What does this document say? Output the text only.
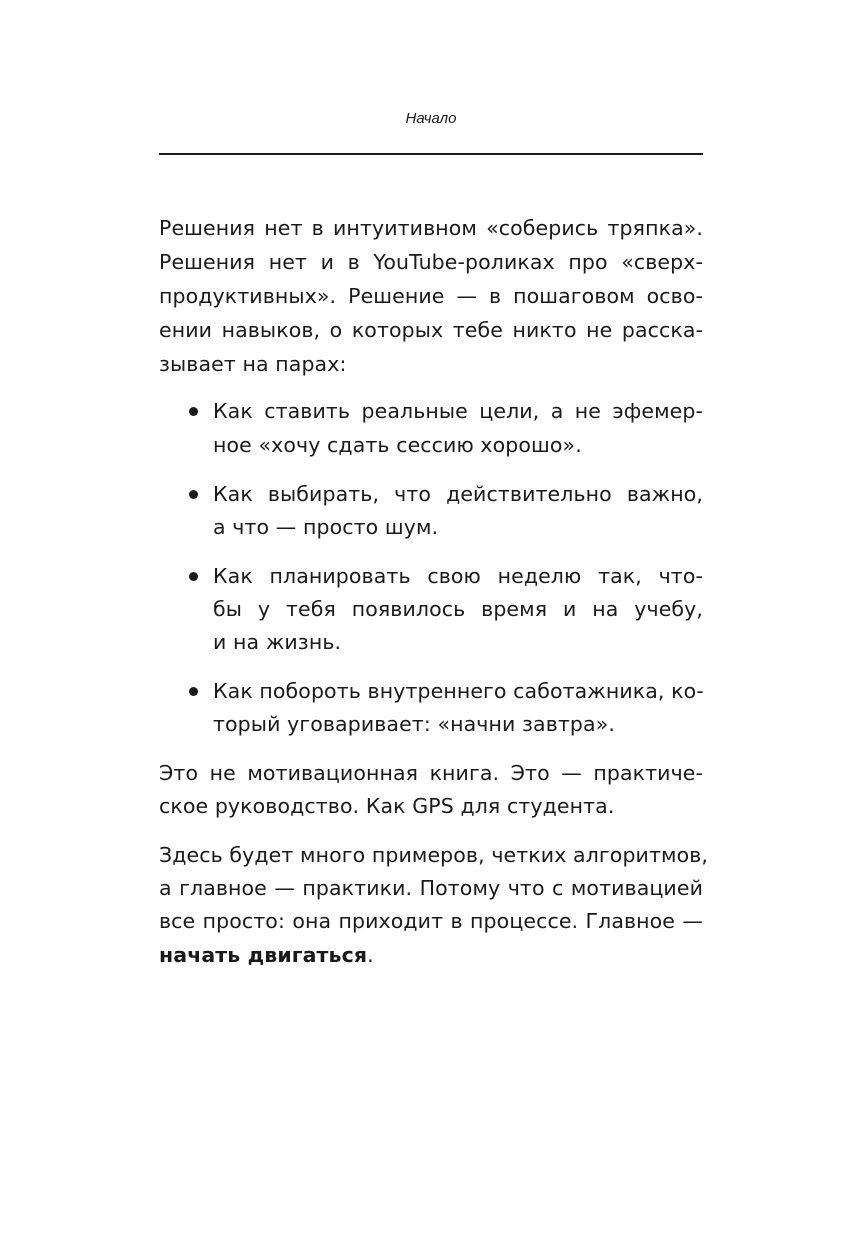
Начало
Решения нет в интуитивном «соберись тряпка».
Решения нет и в YouTube-роликах про «сверх-
продуктивных». Решение — в пошаговом осво-
ении навыков, о которых тебе никто не расска-
зывает на парах:
Как ставить реальные цели, а не эфемер-
ное «хочу сдать сессию хорошо».
Как выбирать, что действительно важно,
а что — просто шум.
Как планировать свою неделю так, что-
бы у тебя появилось время и на учебу,
и на жизнь.
Как побороть внутреннего саботажника, ко-
торый уговаривает: «начни завтра».
Это не мотивационная книга. Это — практиче-
ское руководство. Как GPS для студента.
Здесь будет много примеров, четких алгоритмов,
а главное — практики. Потому что с мотивацией
все просто: она приходит в процессе. Главное —
начать двигаться.
